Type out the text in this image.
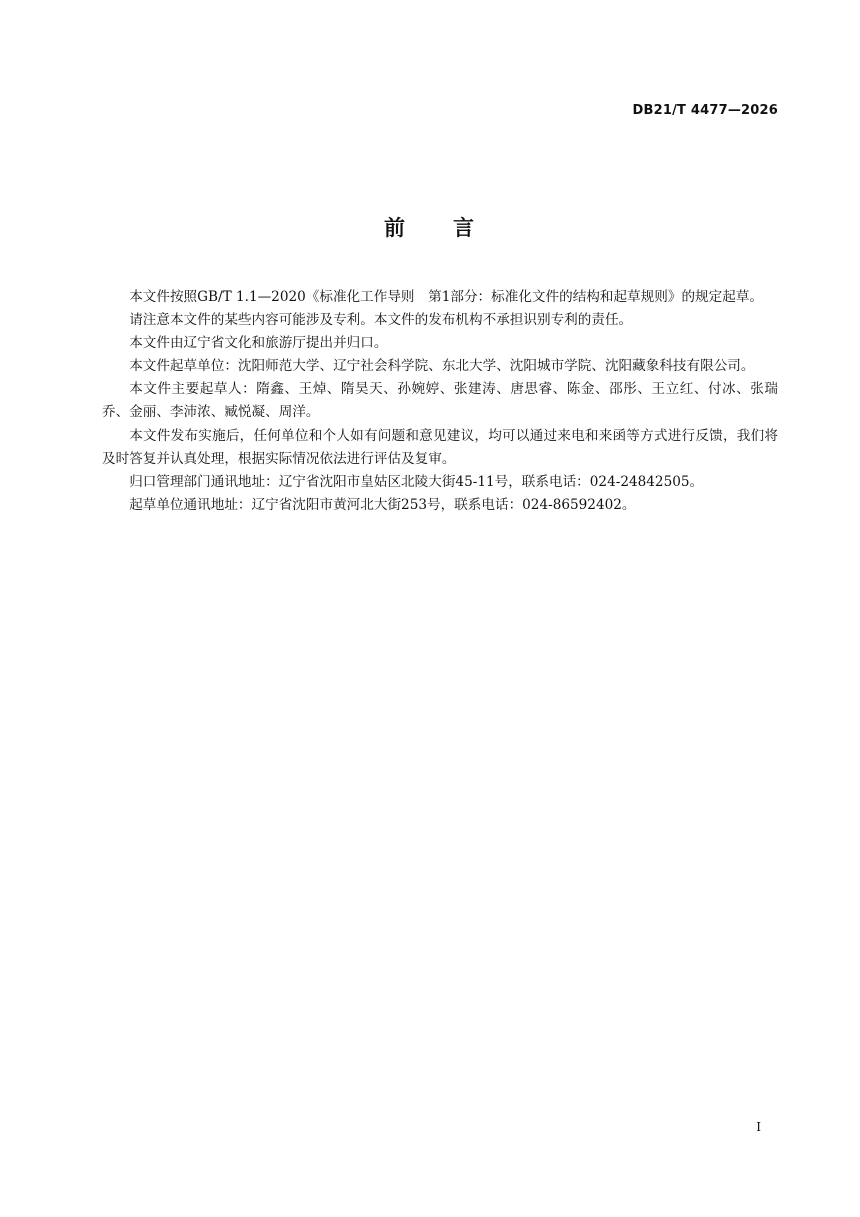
DB21/T 4477—2026
前　　言

本文件按照GB/T 1.1—2020《标准化工作导则　第1部分：标准化文件的结构和起草规则》的规定起草。

请注意本文件的某些内容可能涉及专利。本文件的发布机构不承担识别专利的责任。

本文件由辽宁省文化和旅游厅提出并归口。

本文件起草单位：沈阳师范大学、辽宁社会科学院、东北大学、沈阳城市学院、沈阳藏象科技有限公司。

本文件主要起草人：隋鑫、王焯、隋昊天、孙婉婷、张建涛、唐思睿、陈金、邵彤、王立红、付冰、张瑞乔、金丽、李沛浓、臧悦凝、周洋。

本文件发布实施后，任何单位和个人如有问题和意见建议，均可以通过来电和来函等方式进行反馈，我们将及时答复并认真处理，根据实际情况依法进行评估及复审。

归口管理部门通讯地址：辽宁省沈阳市皇姑区北陵大街45-11号，联系电话：024-24842505。

起草单位通讯地址：辽宁省沈阳市黄河北大街253号，联系电话：024-86592402。

I
